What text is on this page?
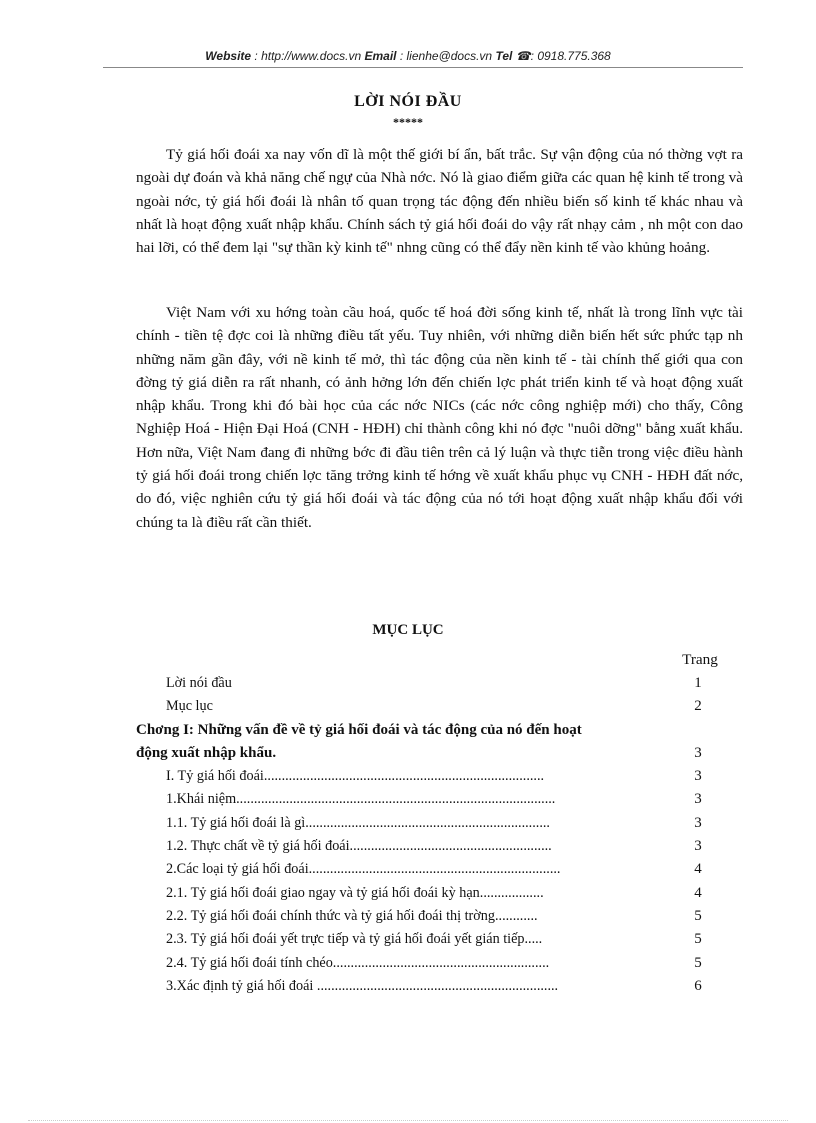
Website : http://www.docs.vn Email : lienhe@docs.vn Tel ☎: 0918.775.368
LỜI NÓI ĐẦU
*****

Tỷ giá hối đoái xa nay vốn dĩ là một thế giới bí ẩn, bất trắc. Sự vận động của nó thờng vợt ra ngoài dự đoán và khả năng chế ngự của Nhà nớc. Nó là giao điểm giữa các quan hệ kinh tế trong và ngoài nớc, tỷ giá hối đoái là nhân tố quan trọng tác động đến nhiều biến số kinh tế khác nhau và nhất là hoạt động xuất nhập khẩu. Chính sách tỷ giá hối đoái do vậy rất nhạy cảm , nh một con dao hai lỡi, có thể đem lại "sự thần kỳ kinh tế" nhng cũng có thể đẩy nền kinh tế vào khủng hoảng.

Việt Nam với xu hớng toàn cầu hoá, quốc tế hoá đời sống kinh tế, nhất là trong lĩnh vực tài chính - tiền tệ đợc coi là những điều tất yếu. Tuy nhiên, với những diễn biến hết sức phức tạp nh những năm gần đây, với nề kinh tế mở, thì tác động của nền kinh tế - tài chính thế giới qua con đờng tỷ giá diễn ra rất nhanh, có ảnh hởng lớn đến chiến lợc phát triển kinh tế và hoạt động xuất nhập khẩu. Trong khi đó bài học của các nớc NICs (các nớc công nghiệp mới) cho thấy, Công Nghiệp Hoá - Hiện Đại Hoá (CNH - HĐH) chỉ thành công khi nó đợc "nuôi dỡng" bằng xuất khẩu. Hơn nữa, Việt Nam đang đi những bớc đi đầu tiên trên cả lý luận và thực tiễn trong việc điều hành tỷ giá hối đoái trong chiến lợc tăng trởng kinh tế hớng về xuất khẩu phục vụ CNH - HĐH đất nớc, do đó, việc nghiên cứu tỷ giá hối đoái và tác động của nó tới hoạt động xuất nhập khẩu đối với chúng ta là điều rất cần thiết.

MỤC LỤC
Trang
Lời nói đầu	1
Mục lục	2
Chơng I: Những vấn đề về tỷ giá hối đoái và tác động của nó đến hoạt
động xuất nhập khẩu.	3
I. Tỷ giá hối đoái...............................................................................	3
1.Khái niệm..........................................................................................	3
1.1. Tỷ giá hối đoái là gì.....................................................................	3
1.2. Thực chất về tỷ giá hối đoái.........................................................	3
2.Các loại tỷ giá hối đoái.......................................................................	4
2.1. Tỷ giá hối đoái giao ngay và tỷ giá hối đoái kỳ hạn..................	4
2.2. Tỷ giá hối đoái chính thức và tỷ giá hối đoái thị trờng............	5
2.3. Tỷ giá hối đoái yết trực tiếp và tỷ giá hối đoái yết gián tiếp.....	5
2.4. Tỷ giá hối đoái tính chéo.............................................................	5
3.Xác định tỷ giá hối đoái ....................................................................	6
